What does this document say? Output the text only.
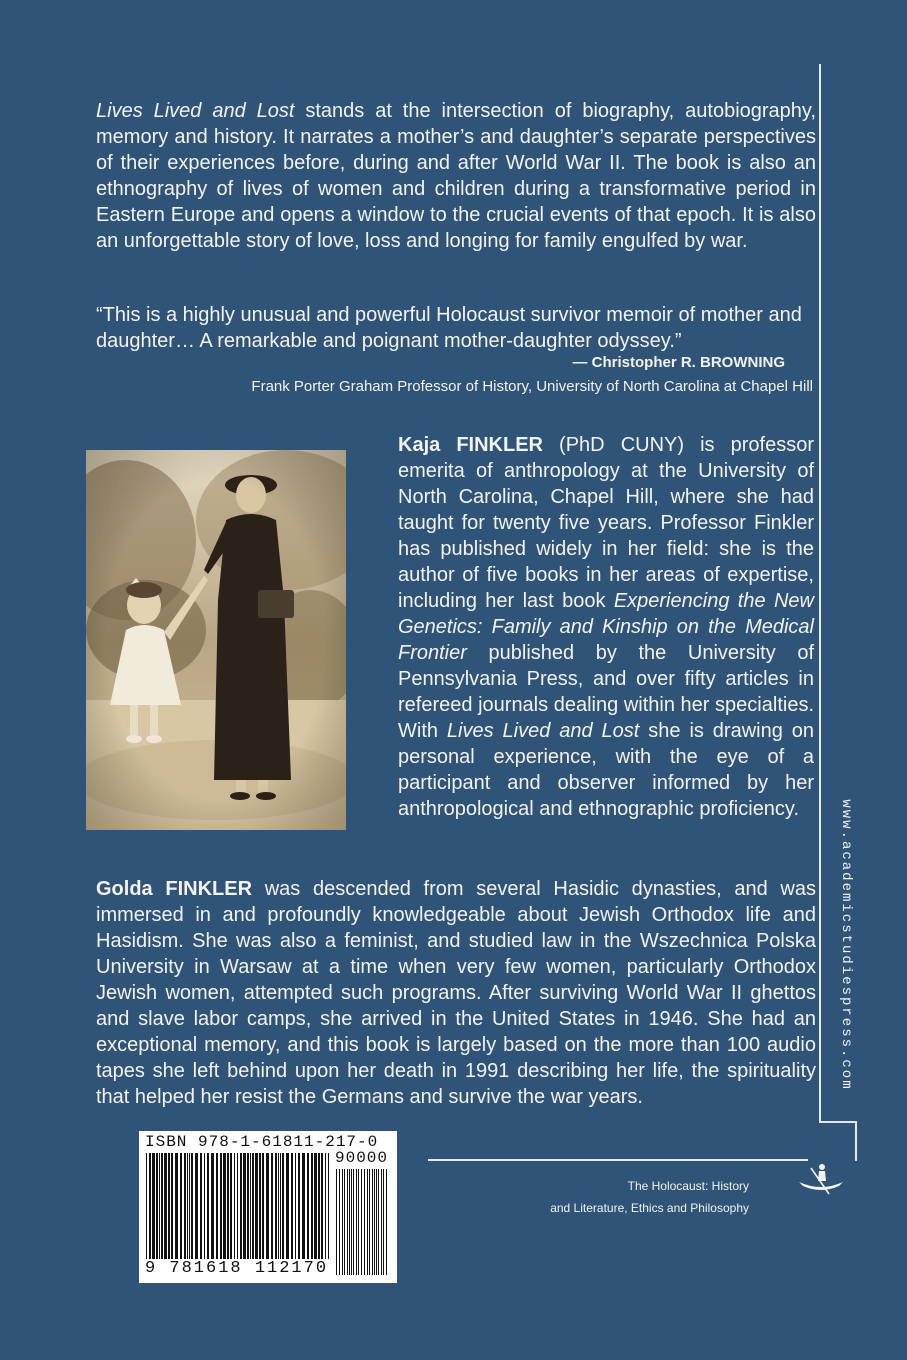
Lives Lived and Lost stands at the intersection of biography, autobiography, memory and history. It narrates a mother’s and daughter’s separate perspectives of their experiences before, during and after World War II. The book is also an ethnography of lives of women and children during a transformative period in Eastern Europe and opens a window to the crucial events of that epoch. It is also an unforgettable story of love, loss and longing for family engulfed by war.

“This is a highly unusual and powerful Holocaust survivor memoir of mother and daughter… A remarkable and poignant mother-daughter odyssey.”

— Christopher R. BROWNING
Frank Porter Graham Professor of History, University of North Carolina at Chapel Hill

Kaja FINKLER (PhD CUNY) is professor emerita of anthropology at the University of North Carolina, Chapel Hill, where she had taught for twenty five years. Professor Finkler has published widely in her field: she is the author of five books in her areas of expertise, including her last book Experiencing the New Genetics: Family and Kinship on the Medical Frontier published by the University of Pennsylvania Press, and over fifty articles in refereed journals dealing within her specialties. With Lives Lived and Lost she is drawing on personal experience, with the eye of a participant and observer informed by her anthropological and ethnographic proficiency.

Golda FINKLER was descended from several Hasidic dynasties, and was immersed in and profoundly knowledgeable about Jewish Orthodox life and Hasidism. She was also a feminist, and studied law in the Wszechnica Polska University in Warsaw at a time when very few women, particularly Orthodox Jewish women, attempted such programs. After surviving World War II ghettos and slave labor camps, she arrived in the United States in 1946. She had an exceptional memory, and this book is largely based on the more than 100 audio tapes she left behind upon her death in 1991 describing her life, the spirituality that helped her resist the Germans and survive the war years.

www.academicstudiespress.com
The Holocaust: History
and Literature, Ethics and Philosophy
ISBN 978-1-61811-217-0
90000
9 781618 112170
